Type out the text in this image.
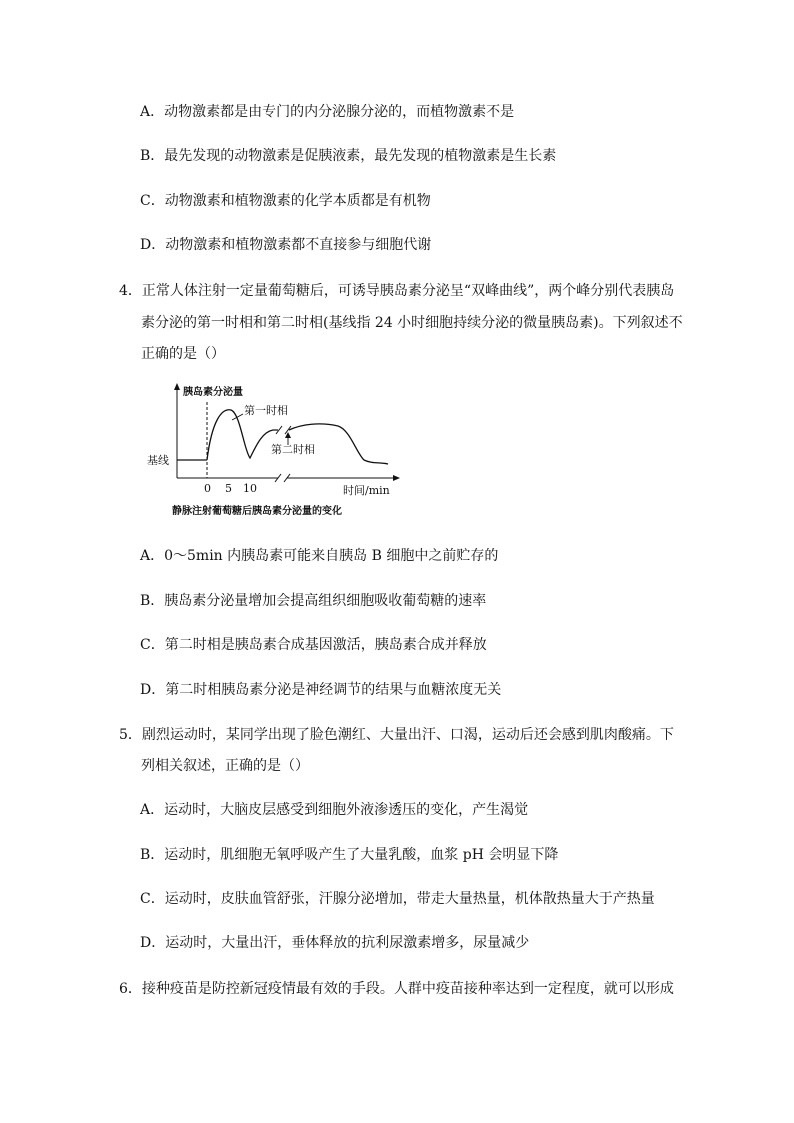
A．动物激素都是由专门的内分泌腺分泌的，而植物激素不是
B．最先发现的动物激素是促胰液素，最先发现的植物激素是生长素
C．动物激素和植物激素的化学本质都是有机物
D．动物激素和植物激素都不直接参与细胞代谢
4．正常人体注射一定量葡萄糖后，可诱导胰岛素分泌呈“双峰曲线”，两个峰分别代表胰岛
素分泌的第一时相和第二时相(基线指 24 小时细胞持续分泌的微量胰岛素)。下列叙述不
正确的是（）
胰岛素分泌量
第一时相
第二时相
基线
0 5 10	时间/min
静脉注射葡萄糖后胰岛素分泌量的变化
A．0～5min 内胰岛素可能来自胰岛 B 细胞中之前贮存的
B．胰岛素分泌量增加会提高组织细胞吸收葡萄糖的速率
C．第二时相是胰岛素合成基因激活，胰岛素合成并释放
D．第二时相胰岛素分泌是神经调节的结果与血糖浓度无关
5．剧烈运动时，某同学出现了脸色潮红、大量出汗、口渴，运动后还会感到肌肉酸痛。下
列相关叙述，正确的是（）
A．运动时，大脑皮层感受到细胞外液渗透压的变化，产生渴觉
B．运动时，肌细胞无氧呼吸产生了大量乳酸，血浆 pH 会明显下降
C．运动时，皮肤血管舒张，汗腺分泌增加，带走大量热量，机体散热量大于产热量
D．运动时，大量出汗，垂体释放的抗利尿激素增多，尿量减少
6．接种疫苗是防控新冠疫情最有效的手段。人群中疫苗接种率达到一定程度，就可以形成
